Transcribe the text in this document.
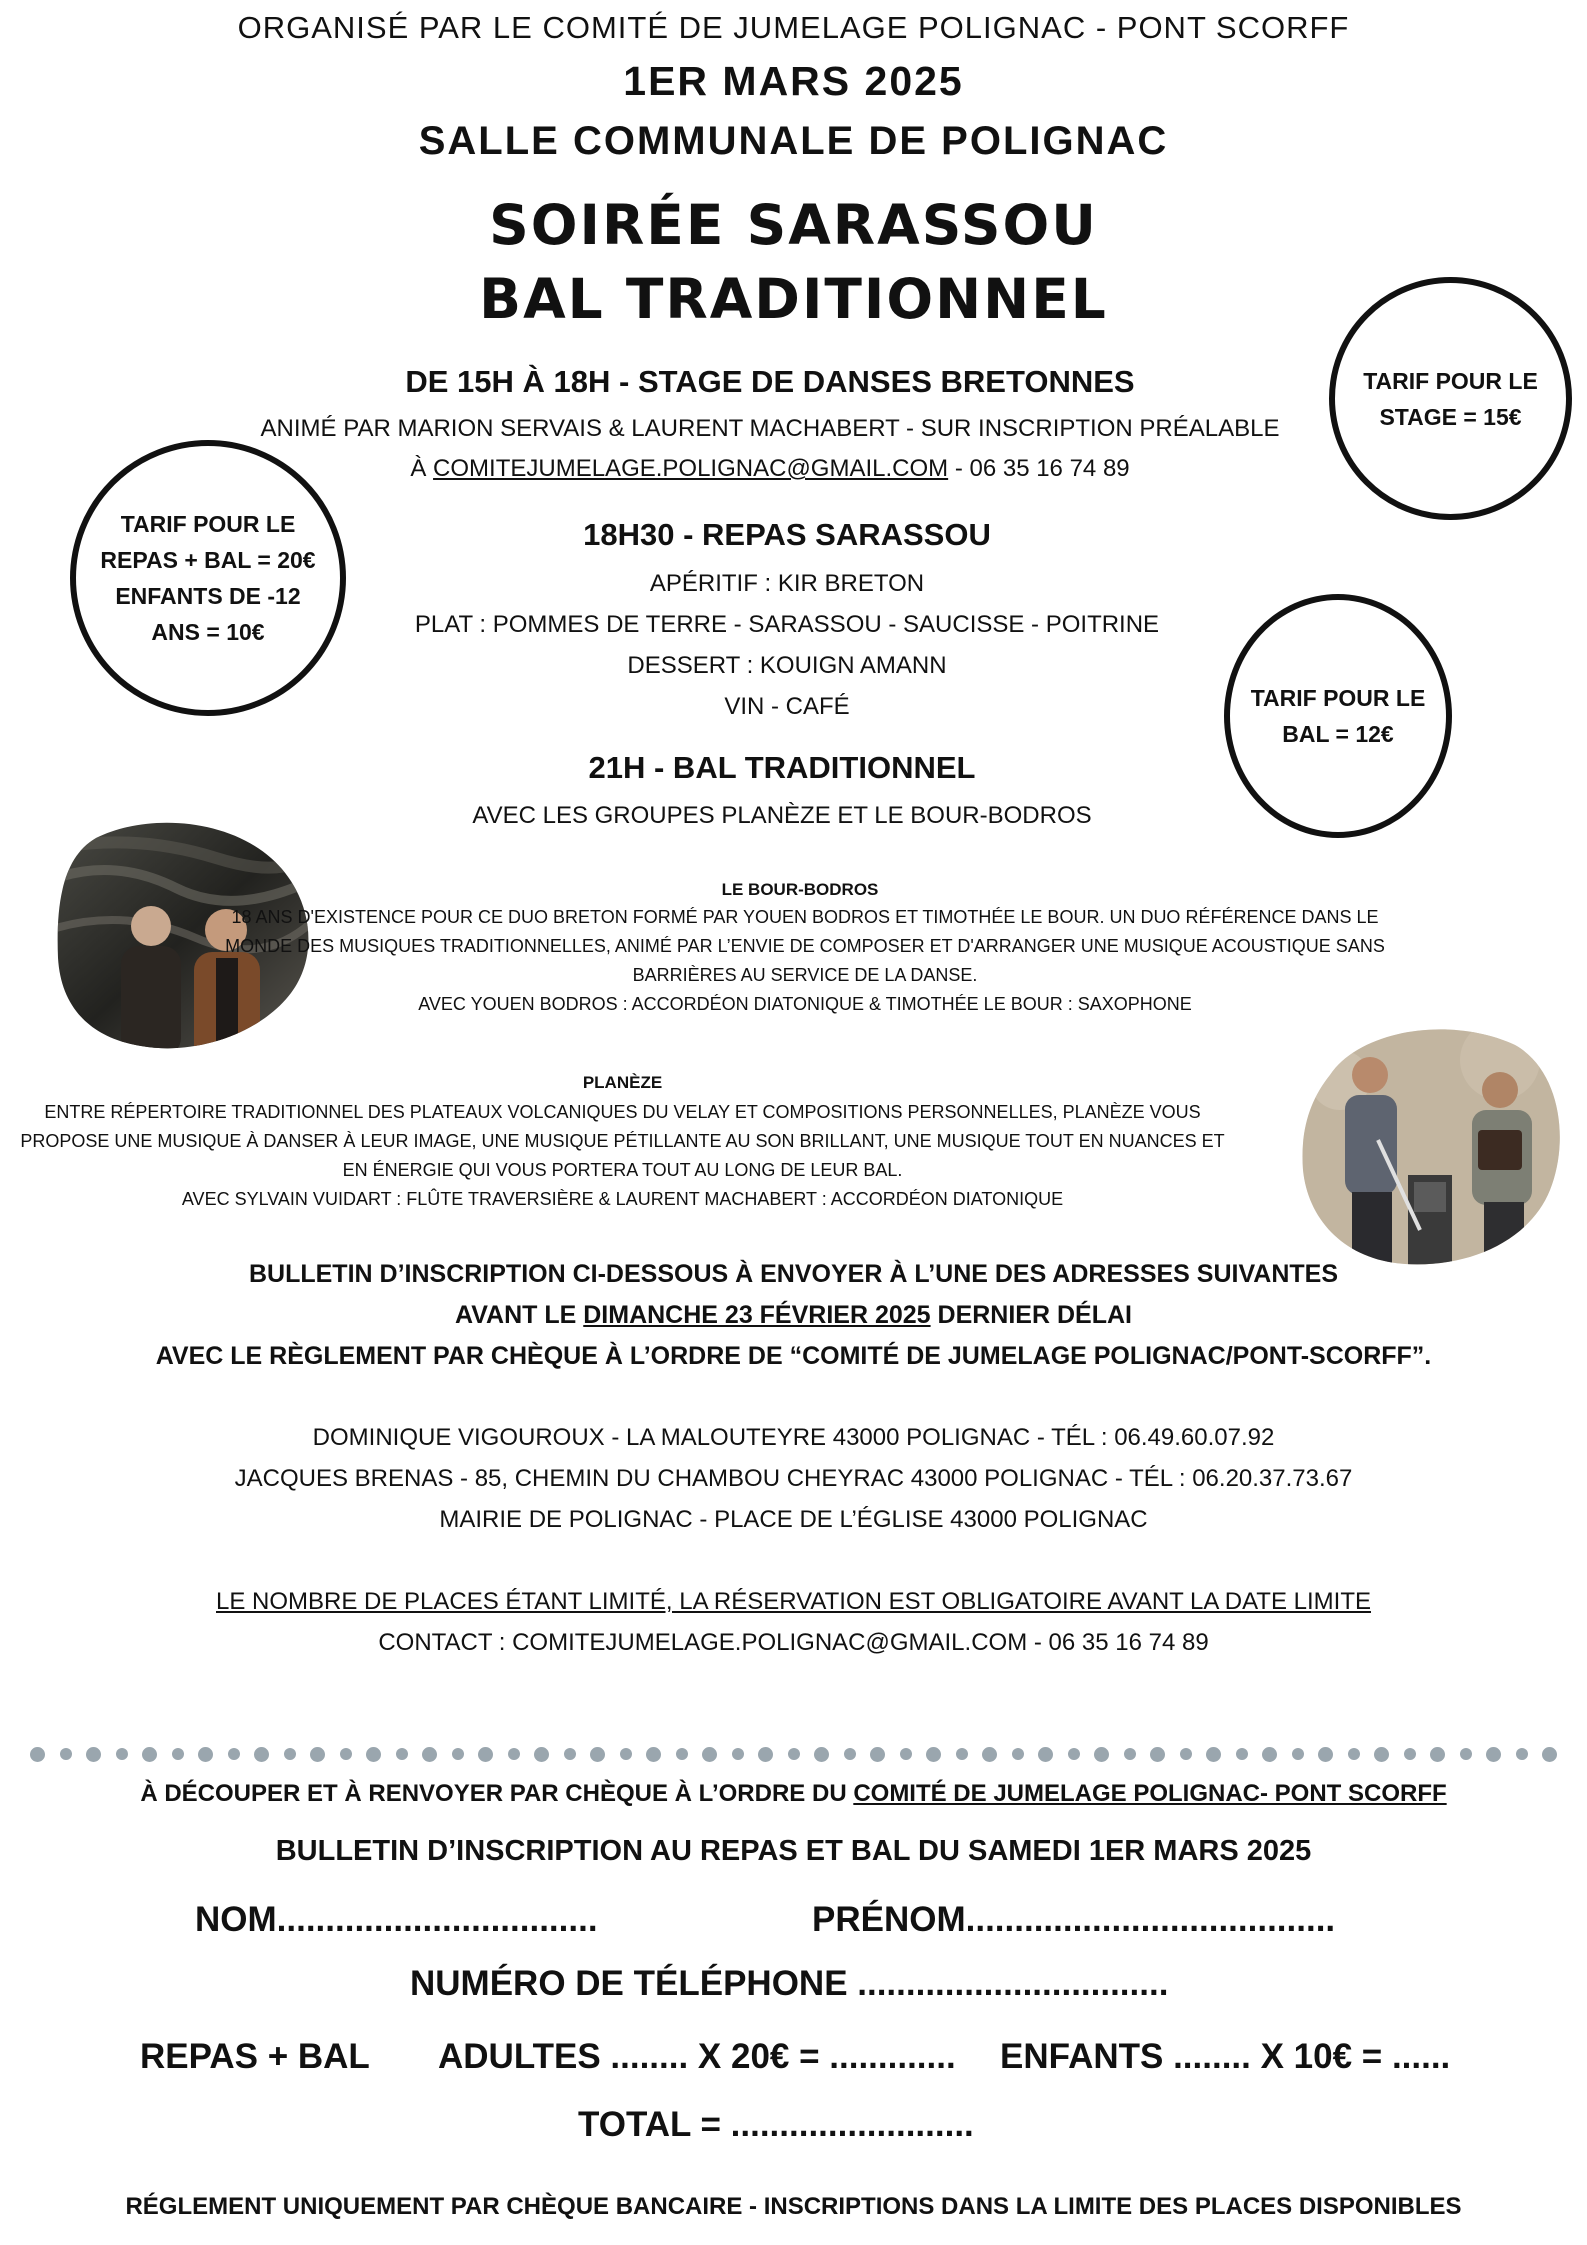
ORGANISÉ PAR LE COMITÉ DE JUMELAGE POLIGNAC - PONT SCORFF
1ER MARS 2025
SALLE COMMUNALE DE POLIGNAC
SOIRÉE SARASSOU
BAL TRADITIONNEL
DE 15H À 18H - STAGE DE DANSES BRETONNES
ANIMÉ PAR MARION SERVAIS & LAURENT MACHABERT - SUR INSCRIPTION PRÉALABLE
À COMITEJUMELAGE.POLIGNAC@GMAIL.COM - 06 35 16 74 89
TARIF POUR LE
STAGE = 15€
TARIF POUR LE
REPAS + BAL = 20€
ENFANTS DE -12
ANS = 10€
TARIF POUR LE
BAL = 12€
18H30 - REPAS SARASSOU
APÉRITIF : KIR BRETON
PLAT : POMMES DE TERRE - SARASSOU - SAUCISSE - POITRINE
DESSERT : KOUIGN AMANN
VIN - CAFÉ
21H - BAL TRADITIONNEL
AVEC LES GROUPES PLANÈZE ET LE BOUR-BODROS
LE BOUR-BODROS
18 ANS D'EXISTENCE POUR CE DUO BRETON FORMÉ PAR YOUEN BODROS ET TIMOTHÉE LE BOUR. UN DUO RÉFÉRENCE DANS LE
MONDE DES MUSIQUES TRADITIONNELLES, ANIMÉ PAR L’ENVIE DE COMPOSER ET D'ARRANGER UNE MUSIQUE ACOUSTIQUE SANS
BARRIÈRES AU SERVICE DE LA DANSE.
AVEC YOUEN BODROS : ACCORDÉON DIATONIQUE & TIMOTHÉE LE BOUR : SAXOPHONE
PLANÈZE
ENTRE RÉPERTOIRE TRADITIONNEL DES PLATEAUX VOLCANIQUES DU VELAY ET COMPOSITIONS PERSONNELLES, PLANÈZE VOUS
PROPOSE UNE MUSIQUE À DANSER À LEUR IMAGE, UNE MUSIQUE PÉTILLANTE AU SON BRILLANT, UNE MUSIQUE TOUT EN NUANCES ET
EN ÉNERGIE QUI VOUS PORTERA TOUT AU LONG DE LEUR BAL.
AVEC SYLVAIN VUIDART : FLÛTE TRAVERSIÈRE & LAURENT MACHABERT : ACCORDÉON DIATONIQUE
BULLETIN D’INSCRIPTION CI-DESSOUS À ENVOYER À L’UNE DES ADRESSES SUIVANTES
AVANT LE DIMANCHE 23 FÉVRIER 2025 DERNIER DÉLAI
AVEC LE RÈGLEMENT PAR CHÈQUE À L’ORDRE DE “COMITÉ DE JUMELAGE POLIGNAC/PONT-SCORFF”.
DOMINIQUE VIGOUROUX - LA MALOUTEYRE 43000 POLIGNAC - TÉL : 06.49.60.07.92
JACQUES BRENAS - 85, CHEMIN DU CHAMBOU CHEYRAC 43000 POLIGNAC - TÉL : 06.20.37.73.67
MAIRIE DE POLIGNAC - PLACE DE L’ÉGLISE 43000 POLIGNAC
LE NOMBRE DE PLACES ÉTANT LIMITÉ, LA RÉSERVATION EST OBLIGATOIRE AVANT LA DATE LIMITE
CONTACT : COMITEJUMELAGE.POLIGNAC@GMAIL.COM - 06 35 16 74 89
À DÉCOUPER ET À RENVOYER PAR CHÈQUE À L’ORDRE DU COMITÉ DE JUMELAGE POLIGNAC- PONT SCORFF
BULLETIN D’INSCRIPTION AU REPAS ET BAL DU SAMEDI 1ER MARS 2025
NOM.................................	PRÉNOM......................................
NUMÉRO DE TÉLÉPHONE ................................
REPAS + BAL ADULTES ........ X 20€ = ............. ENFANTS ........ X 10€ = ......
TOTAL = .........................
RÉGLEMENT UNIQUEMENT PAR CHÈQUE BANCAIRE - INSCRIPTIONS DANS LA LIMITE DES PLACES DISPONIBLES
